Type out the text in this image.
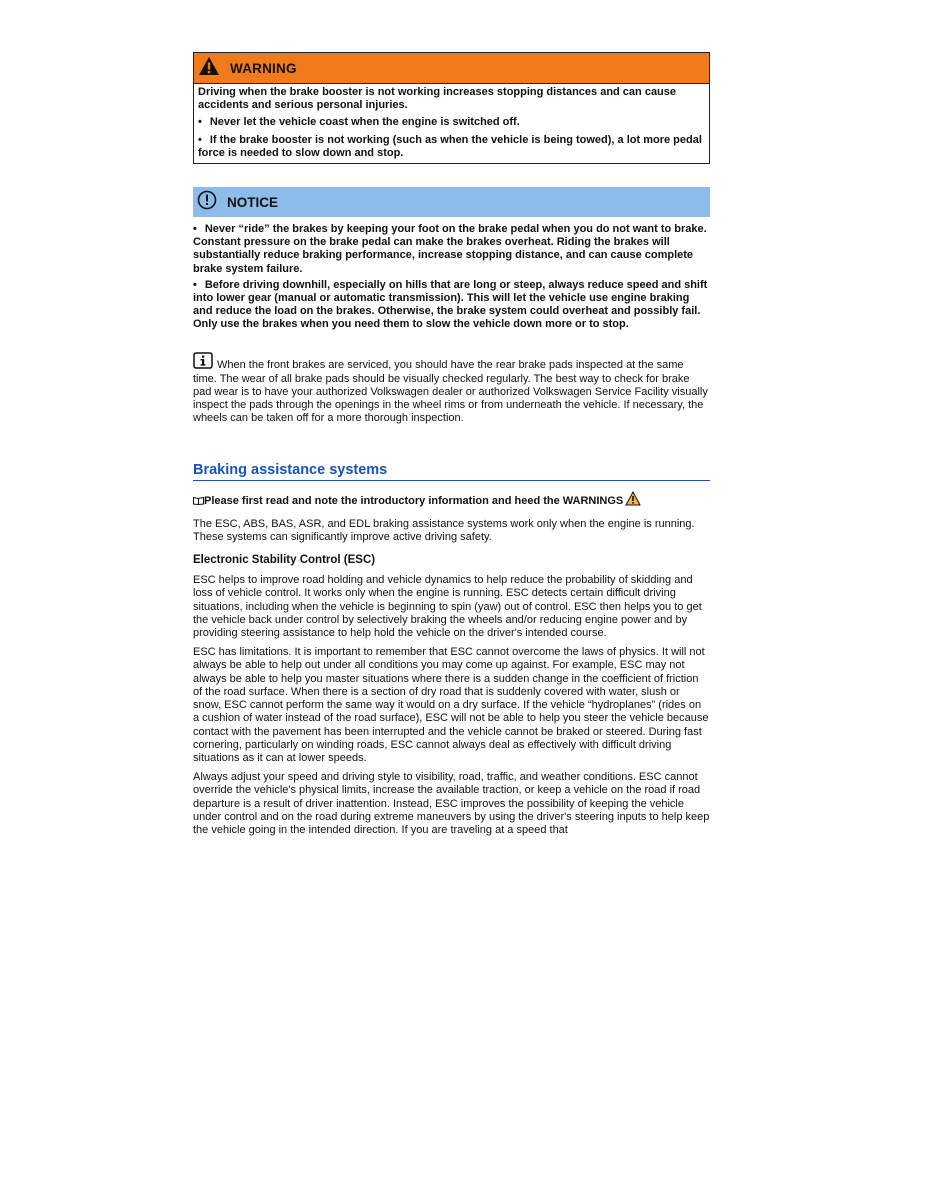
WARNING

Driving when the brake booster is not working increases stopping distances and can cause accidents and serious personal injuries.

• Never let the vehicle coast when the engine is switched off.

• If the brake booster is not working (such as when the vehicle is being towed), a lot more pedal force is needed to slow down and stop.

NOTICE

• Never “ride” the brakes by keeping your foot on the brake pedal when you do not want to brake. Constant pressure on the brake pedal can make the brakes overheat. Riding the brakes will substantially reduce braking performance, increase stopping distance, and can cause complete brake system failure.

• Before driving downhill, especially on hills that are long or steep, always reduce speed and shift into lower gear (manual or automatic transmission). This will let the vehicle use engine braking and reduce the load on the brakes. Otherwise, the brake system could overheat and possibly fail. Only use the brakes when you need them to slow the vehicle down more or to stop.

When the front brakes are serviced, you should have the rear brake pads inspected at the same time. The wear of all brake pads should be visually checked regularly. The best way to check for brake pad wear is to have your authorized Volkswagen dealer or authorized Volkswagen Service Facility visually inspect the pads through the openings in the wheel rims or from underneath the vehicle. If necessary, the wheels can be taken off for a more thorough inspection.
Braking assistance systems
Please first read and note the introductory information and heed the WARNINGS

The ESC, ABS, BAS, ASR, and EDL braking assistance systems work only when the engine is running. These systems can significantly improve active driving safety.

Electronic Stability Control (ESC)

ESC helps to improve road holding and vehicle dynamics to help reduce the probability of skidding and loss of vehicle control. It works only when the engine is running. ESC detects certain difficult driving situations, including when the vehicle is beginning to spin (yaw) out of control. ESC then helps you to get the vehicle back under control by selectively braking the wheels and/or reducing engine power and by providing steering assistance to help hold the vehicle on the driver's intended course.

ESC has limitations. It is important to remember that ESC cannot overcome the laws of physics. It will not always be able to help out under all conditions you may come up against. For example, ESC may not always be able to help you master situations where there is a sudden change in the coefficient of friction of the road surface. When there is a section of dry road that is suddenly covered with water, slush or snow, ESC cannot perform the same way it would on a dry surface. If the vehicle “hydroplanes” (rides on a cushion of water instead of the road surface), ESC will not be able to help you steer the vehicle because contact with the pavement has been interrupted and the vehicle cannot be braked or steered. During fast cornering, particularly on winding roads, ESC cannot always deal as effectively with difficult driving situations as it can at lower speeds.

Always adjust your speed and driving style to visibility, road, traffic, and weather conditions. ESC cannot override the vehicle's physical limits, increase the available traction, or keep a vehicle on the road if road departure is a result of driver inattention. Instead, ESC improves the possibility of keeping the vehicle under control and on the road during extreme maneuvers by using the driver's steering inputs to help keep the vehicle going in the intended direction. If you are traveling at a speed that
